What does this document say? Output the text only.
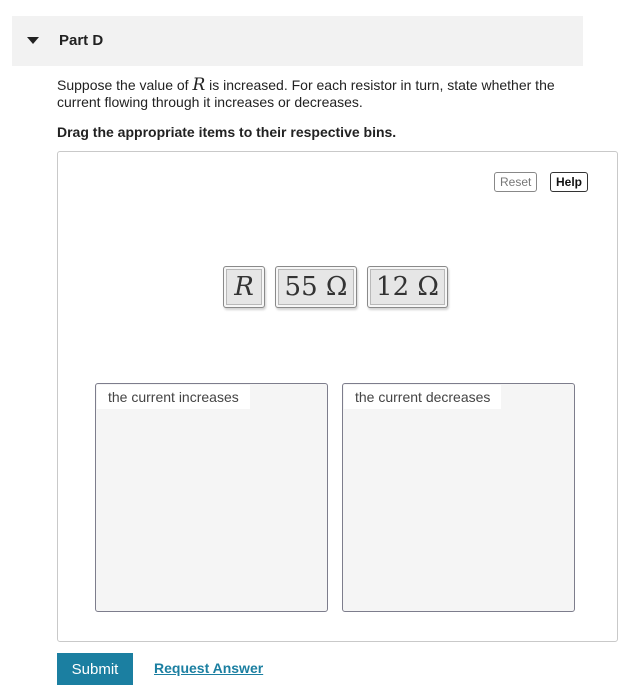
Part D
Suppose the value of R is increased. For each resistor in turn, state whether the current flowing through it increases or decreases.
Drag the appropriate items to their respective bins.
Reset	Help
R	55 Ω	12 Ω
the current increases	the current decreases
Submit	Request Answer
